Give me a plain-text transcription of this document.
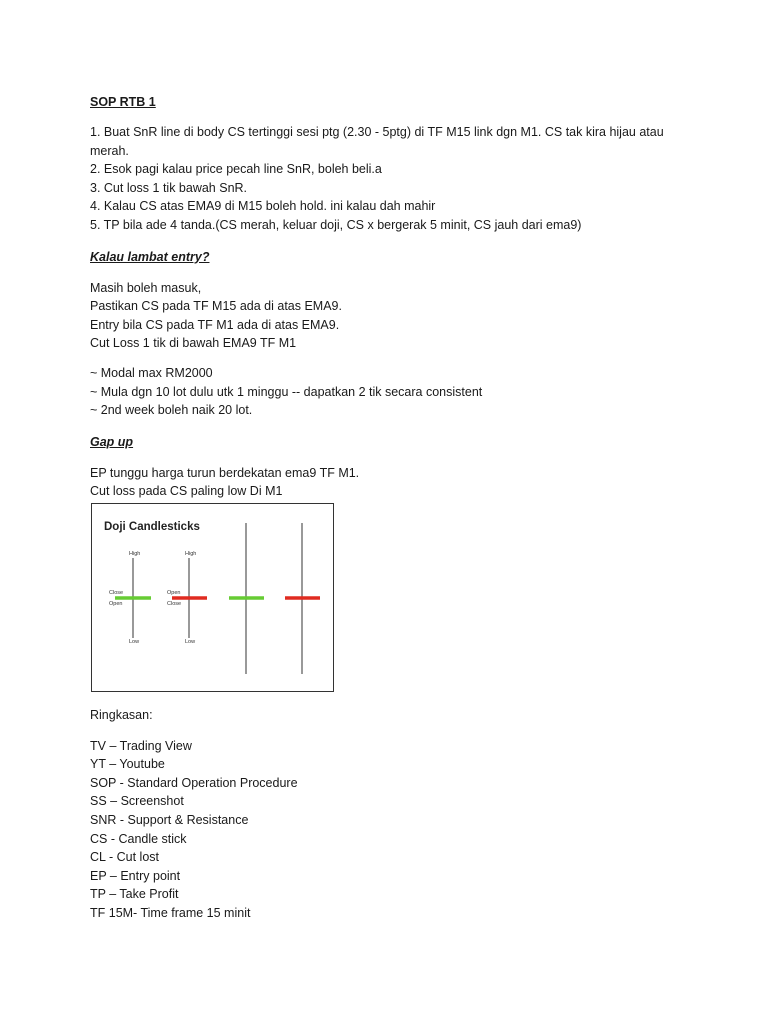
SOP RTB 1
1. Buat SnR line di body CS tertinggi sesi ptg (2.30 - 5ptg) di TF M15 link dgn M1. CS tak kira hijau atau merah.
2. Esok pagi kalau price pecah line SnR, boleh beli.a
3. Cut loss 1 tik bawah SnR.
4. Kalau CS atas EMA9 di M15 boleh hold. ini kalau dah mahir
5. TP bila ade 4 tanda.(CS merah, keluar doji, CS x bergerak 5 minit, CS jauh dari ema9)
Kalau lambat entry?
Masih boleh masuk,
Pastikan CS pada TF M15 ada di atas EMA9.
Entry bila CS pada TF M1 ada di atas EMA9.
Cut Loss 1 tik di bawah EMA9 TF M1
~ Modal max RM2000
~ Mula dgn 10 lot dulu utk 1 minggu -- dapatkan 2 tik secara consistent
~ 2nd week boleh naik 20 lot.
Gap up
EP tunggu harga turun berdekatan ema9 TF M1.
Cut loss pada CS paling low Di M1
Doji Candlesticks
High
Close
Open
Low
High
Open
Close
Low
Ringkasan:
TV – Trading View
YT – Youtube
SOP - Standard Operation Procedure
SS – Screenshot
SNR - Support & Resistance
CS - Candle stick
CL - Cut lost
EP – Entry point
TP – Take Profit
TF 15M- Time frame 15 minit
